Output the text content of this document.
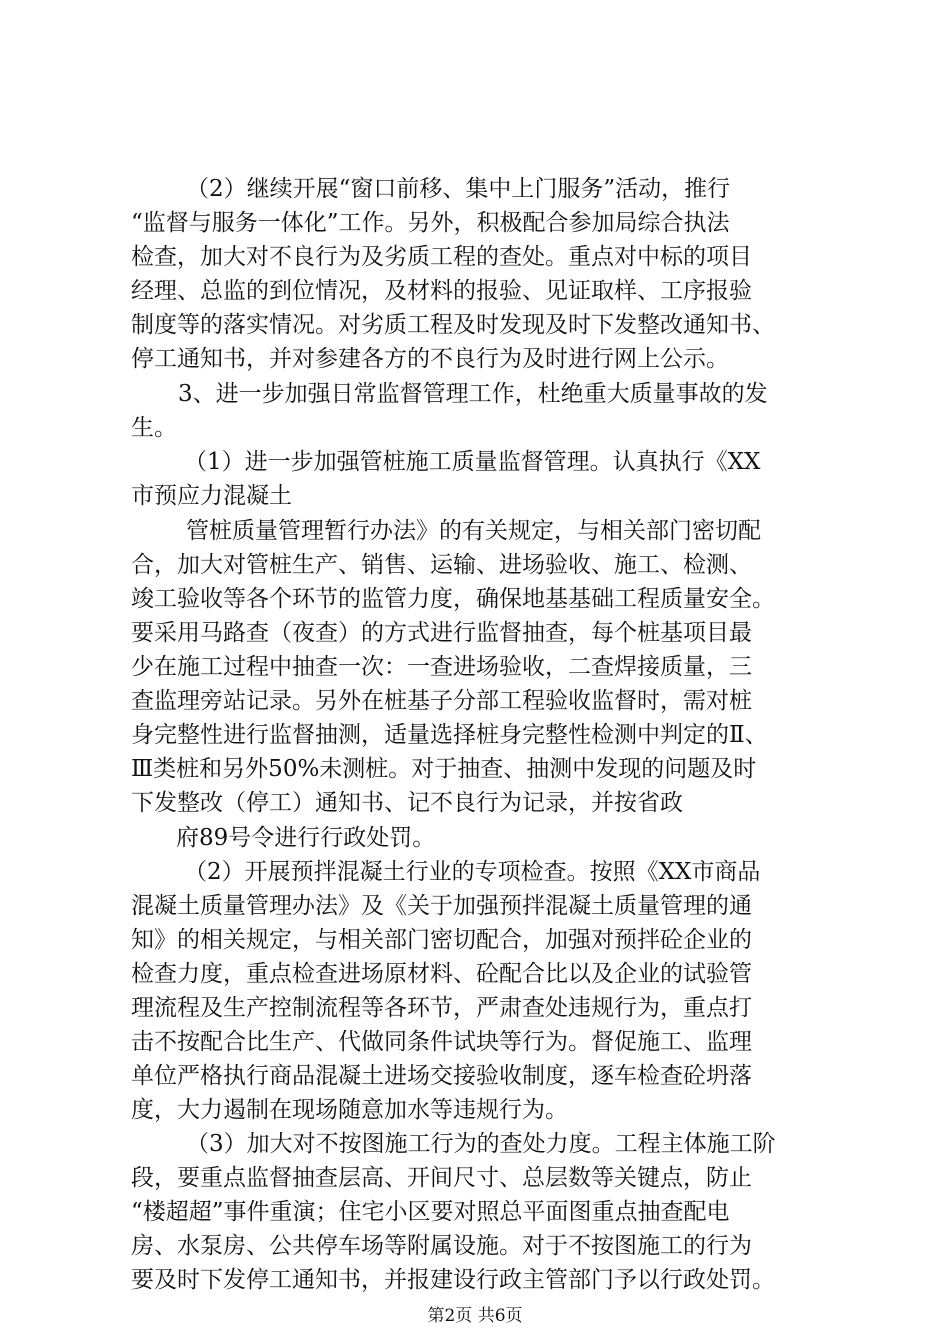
（2）继续开展“窗口前移、集中上门服务”活动，推行

“监督与服务一体化”工作。另外，积极配合参加局综合执法

检查，加大对不良行为及劣质工程的查处。重点对中标的项目

经理、总监的到位情况，及材料的报验、见证取样、工序报验

制度等的落实情况。对劣质工程及时发现及时下发整改通知书、

停工通知书，并对参建各方的不良行为及时进行网上公示。

3、进一步加强日常监督管理工作，杜绝重大质量事故的发

生。

（1）进一步加强管桩施工质量监督管理。认真执行《XX

市预应力混凝土

管桩质量管理暂行办法》的有关规定，与相关部门密切配

合，加大对管桩生产、销售、运输、进场验收、施工、检测、

竣工验收等各个环节的监管力度，确保地基基础工程质量安全。

要采用马路查（夜查）的方式进行监督抽查，每个桩基项目最

少在施工过程中抽查一次：一查进场验收，二查焊接质量，三

查监理旁站记录。另外在桩基子分部工程验收监督时，需对桩

身完整性进行监督抽测，适量选择桩身完整性检测中判定的Ⅱ、

Ⅲ类桩和另外50%未测桩。对于抽查、抽测中发现的问题及时

下发整改（停工）通知书、记不良行为记录，并按省政

府89号令进行行政处罚。

（2）开展预拌混凝土行业的专项检查。按照《XX市商品

混凝土质量管理办法》及《关于加强预拌混凝土质量管理的通

知》的相关规定，与相关部门密切配合，加强对预拌砼企业的

检查力度，重点检查进场原材料、砼配合比以及企业的试验管

理流程及生产控制流程等各环节，严肃查处违规行为，重点打

击不按配合比生产、代做同条件试块等行为。督促施工、监理

单位严格执行商品混凝土进场交接验收制度，逐车检查砼坍落

度，大力遏制在现场随意加水等违规行为。

（3）加大对不按图施工行为的查处力度。工程主体施工阶

段，要重点监督抽查层高、开间尺寸、总层数等关键点，防止

“楼超超”事件重演；住宅小区要对照总平面图重点抽查配电

房、水泵房、公共停车场等附属设施。对于不按图施工的行为

要及时下发停工通知书，并报建设行政主管部门予以行政处罚。

第2页 共6页
